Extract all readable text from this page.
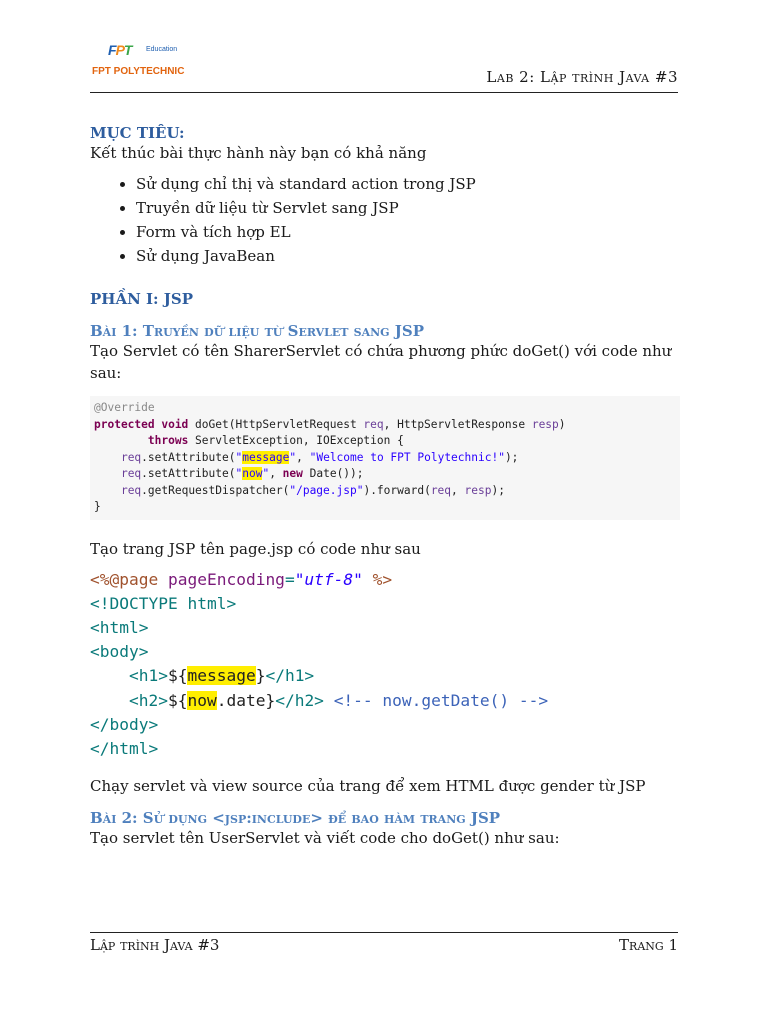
FPT Education
FPT POLYTECHNIC	Lab 2: Lập trình Java #3
MỤC TIÊU:

Kết thúc bài thực hành này bạn có khả năng

• Sử dụng chỉ thị và standard action trong JSP
• Truyền dữ liệu từ Servlet sang JSP
• Form và tích hợp EL
• Sử dụng JavaBean
PHẦN I: JSP
Bài 1: Truyền dữ liệu từ Servlet sang JSP

Tạo Servlet có tên SharerServlet có chứa phương phức doGet() với code như sau:

@Override
protected void doGet(HttpServletRequest req, HttpServletResponse resp)
throws ServletException, IOException {
req.setAttribute("message", "Welcome to FPT Polytechnic!");
req.setAttribute("now", new Date());
req.getRequestDispatcher("/page.jsp").forward(req, resp);
}

Tạo trang JSP tên page.jsp có code như sau

<%@page pageEncoding="utf-8" %>
<!DOCTYPE html>
<html>
<body>
<h1>${message}</h1>
<h2>${now.date}</h2> <!-- now.getDate() -->
</body>
</html>

Chạy servlet và view source của trang để xem HTML được gender từ JSP

Bài 2: Sử dụng <jsp:include> để bao hàm trang JSP

Tạo servlet tên UserServlet và viết code cho doGet() như sau:

Lập trình Java #3	Trang 1
